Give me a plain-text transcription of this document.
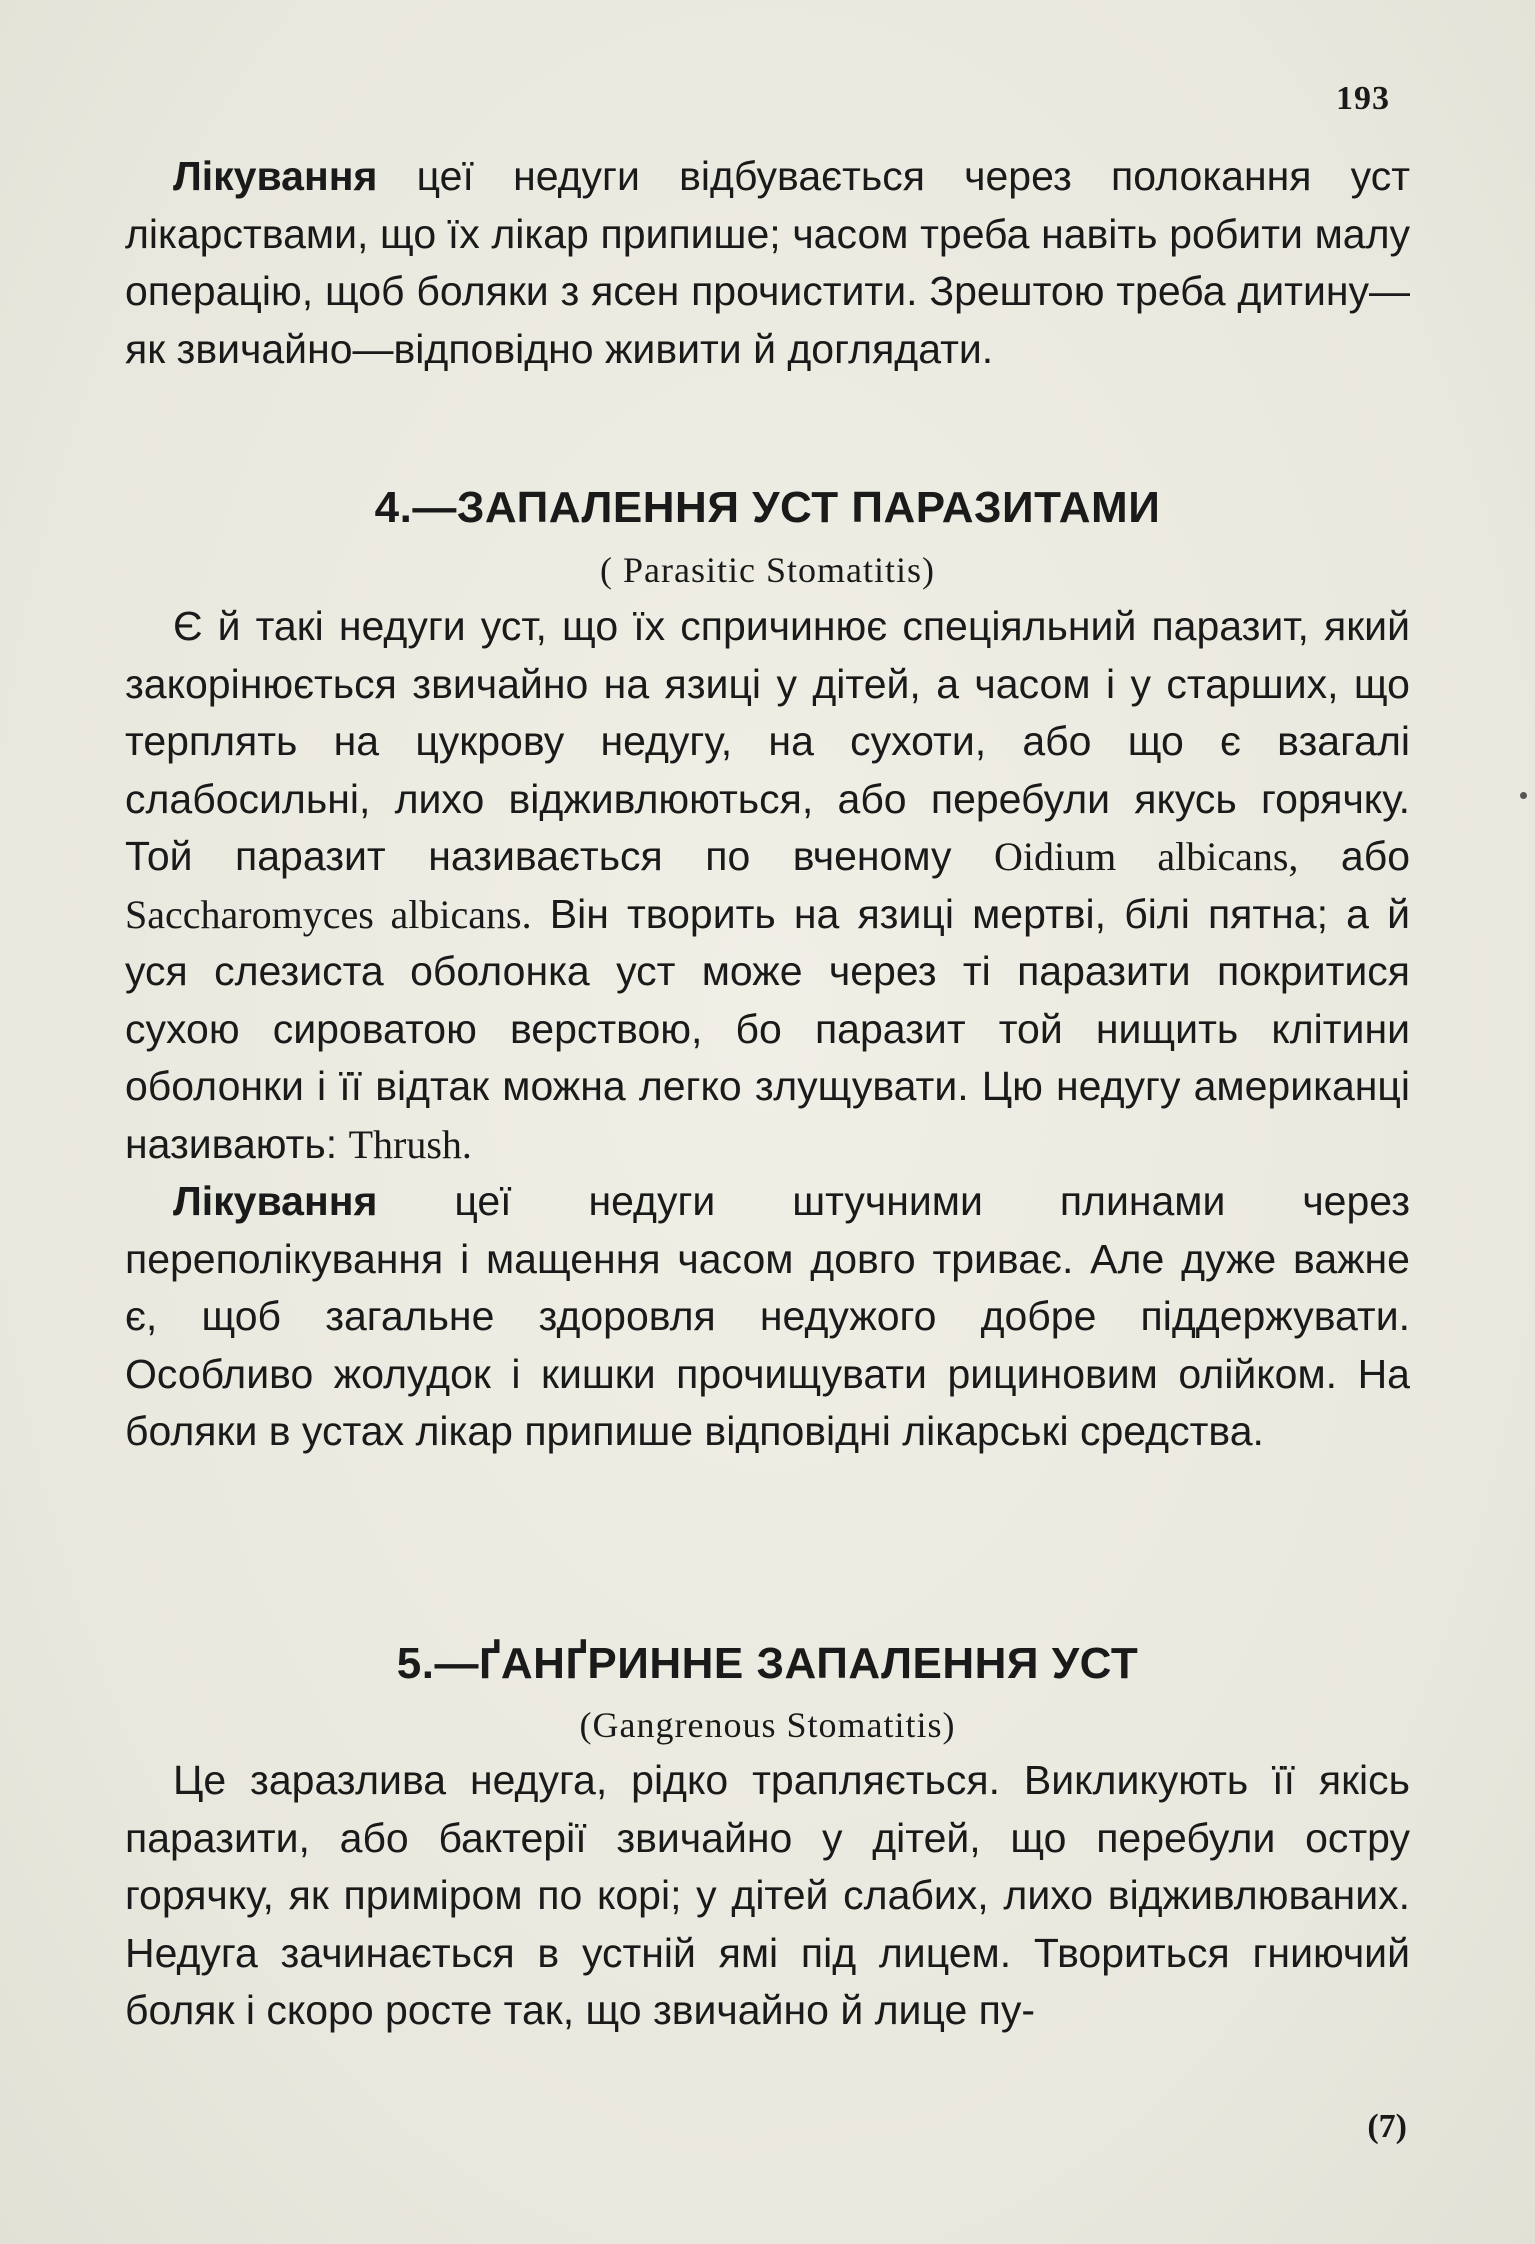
193

Лікування цеї недуги відбувається через полокання уст лікарствами, що їх лікар припише; часом треба навіть робити малу операцію, щоб боляки з ясен прочистити. Зрештою треба дитину—як звичайно—відповідно живити й доглядати.

4.—ЗАПАЛЕННЯ УСТ ПАРАЗИТАМИ
( Parasitic Stomatitis)

Є й такі недуги уст, що їх спричинює спеціяльний паразит, який закорінюється звичайно на язиці у дітей, а часом і у старших, що терплять на цукрову недугу, на сухоти, або що є взагалі слабосильні, лихо відживлюються, або перебули якусь горячку. Той паразит називається по вченому Oidium albicans, або Saccharomyces albicans. Він творить на язиці мертві, білі пятна; а й уся слезиста оболонка уст може через ті паразити покритися сухою сироватою верствою, бо паразит той нищить клітини оболонки і її відтак можна легко злущувати. Цю недугу американці називають: Thrush.

Лікування цеї недуги штучними плинами через переполікування і мащення часом довго триває. Але дуже важне є, щоб загальне здоровля недужого добре піддержувати. Особливо жолудок і кишки прочищувати рициновим олійком. На боляки в устах лікар припише відповідні лікарські средства.

5.—ҐАНҐРИННЕ ЗАПАЛЕННЯ УСТ
(Gangrenous Stomatitis)

Це заразлива недуга, рідко трапляється. Викликують її якісь паразити, або бактерії звичайно у дітей, що перебули остру горячку, як приміром по корі; у дітей слабих, лихо відживлюваних. Недуга зачинається в устній ямі під лицем. Твориться гниючий боляк і скоро росте так, що звичайно й лице пу-

(7)
